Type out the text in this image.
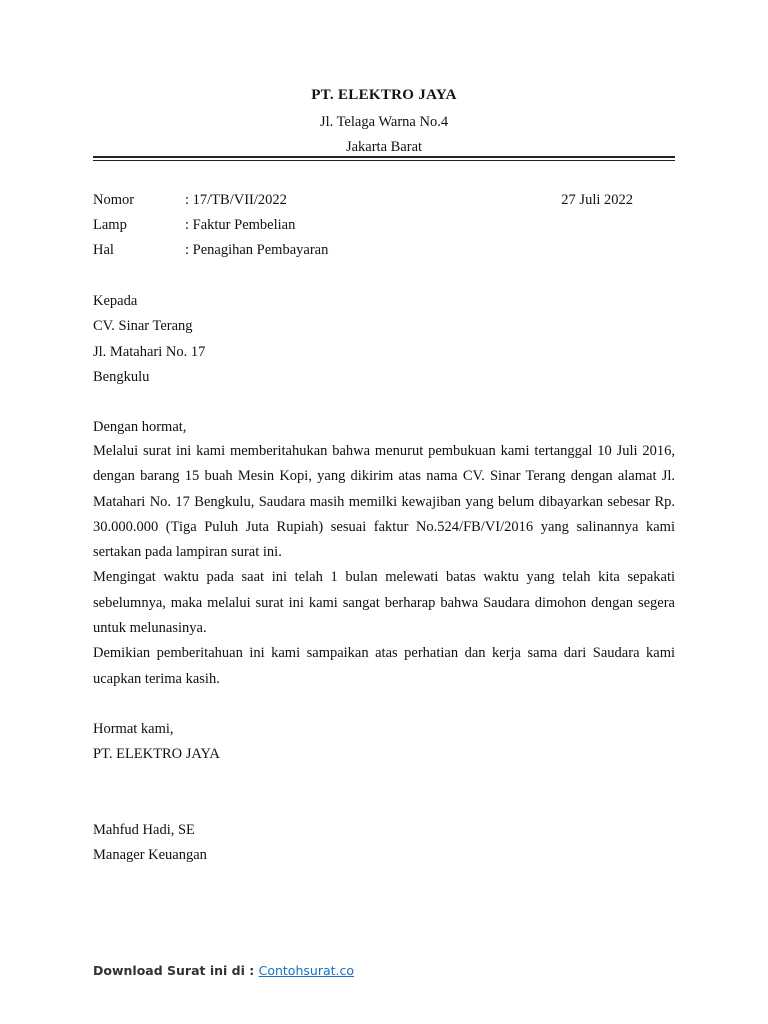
PT. ELEKTRO JAYA
Jl. Telaga Warna No.4
Jakarta Barat
Nomor	: 17/TB/VII/2022	27 Juli 2022
Lamp	: Faktur Pembelian
Hal	: Penagihan Pembayaran
Kepada
CV. Sinar Terang
Jl. Matahari No. 17
Bengkulu
Dengan hormat,

Melalui surat ini kami memberitahukan bahwa menurut pembukuan kami tertanggal 10 Juli 2016, dengan barang 15 buah Mesin Kopi, yang dikirim atas nama CV. Sinar Terang dengan alamat Jl. Matahari No. 17 Bengkulu, Saudara masih memilki kewajiban yang belum dibayarkan sebesar Rp. 30.000.000 (Tiga Puluh Juta Rupiah) sesuai faktur No.524/FB/VI/2016 yang salinannya kami sertakan pada lampiran surat ini.

Mengingat waktu pada saat ini telah 1 bulan melewati batas waktu yang telah kita sepakati sebelumnya, maka melalui surat ini kami sangat berharap bahwa Saudara dimohon dengan segera untuk melunasinya.

Demikian pemberitahuan ini kami sampaikan atas perhatian dan kerja sama dari Saudara kami ucapkan terima kasih.

Hormat kami,
PT. ELEKTRO JAYA
Mahfud Hadi, SE
Manager Keuangan
Download Surat ini di : Contohsurat.co
